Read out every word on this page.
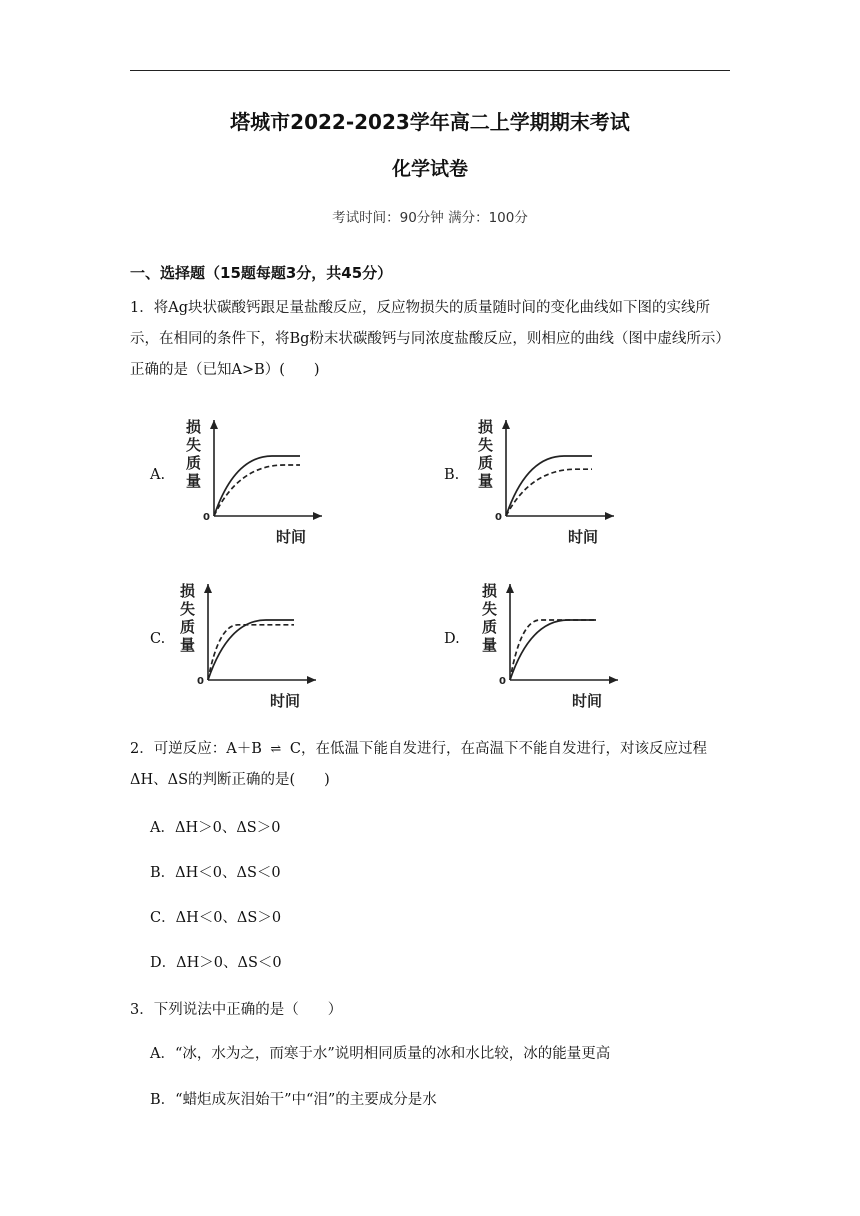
塔城市2022-2023学年高二上学期期末考试
化学试卷
考试时间：90分钟 满分：100分
一、选择题（15题每题3分，共45分）
1．将Ag块状碳酸钙跟足量盐酸反应，反应物损失的质量随时间的变化曲线如下图的实线所示，在相同的条件下，将Bg粉末状碳酸钙与同浓度盐酸反应，则相应的曲线（图中虚线所示）正确的是（已知A>B）(　　)
A.	B.
C.	D.
损失质量
0
时间
损失质量
0
时间
损失质量
0
时间
损失质量
0
时间
2．可逆反应：A＋B ⇌ C，在低温下能自发进行，在高温下不能自发进行，对该反应过程ΔH、ΔS的判断正确的是(　　)
A．ΔH＞0、ΔS＞0
B．ΔH＜0、ΔS＜0
C．ΔH＜0、ΔS＞0
D．ΔH＞0、ΔS＜0
3．下列说法中正确的是（　　）
A．“冰，水为之，而寒于水”说明相同质量的冰和水比较，冰的能量更高
B．“蜡炬成灰泪始干”中“泪”的主要成分是水
